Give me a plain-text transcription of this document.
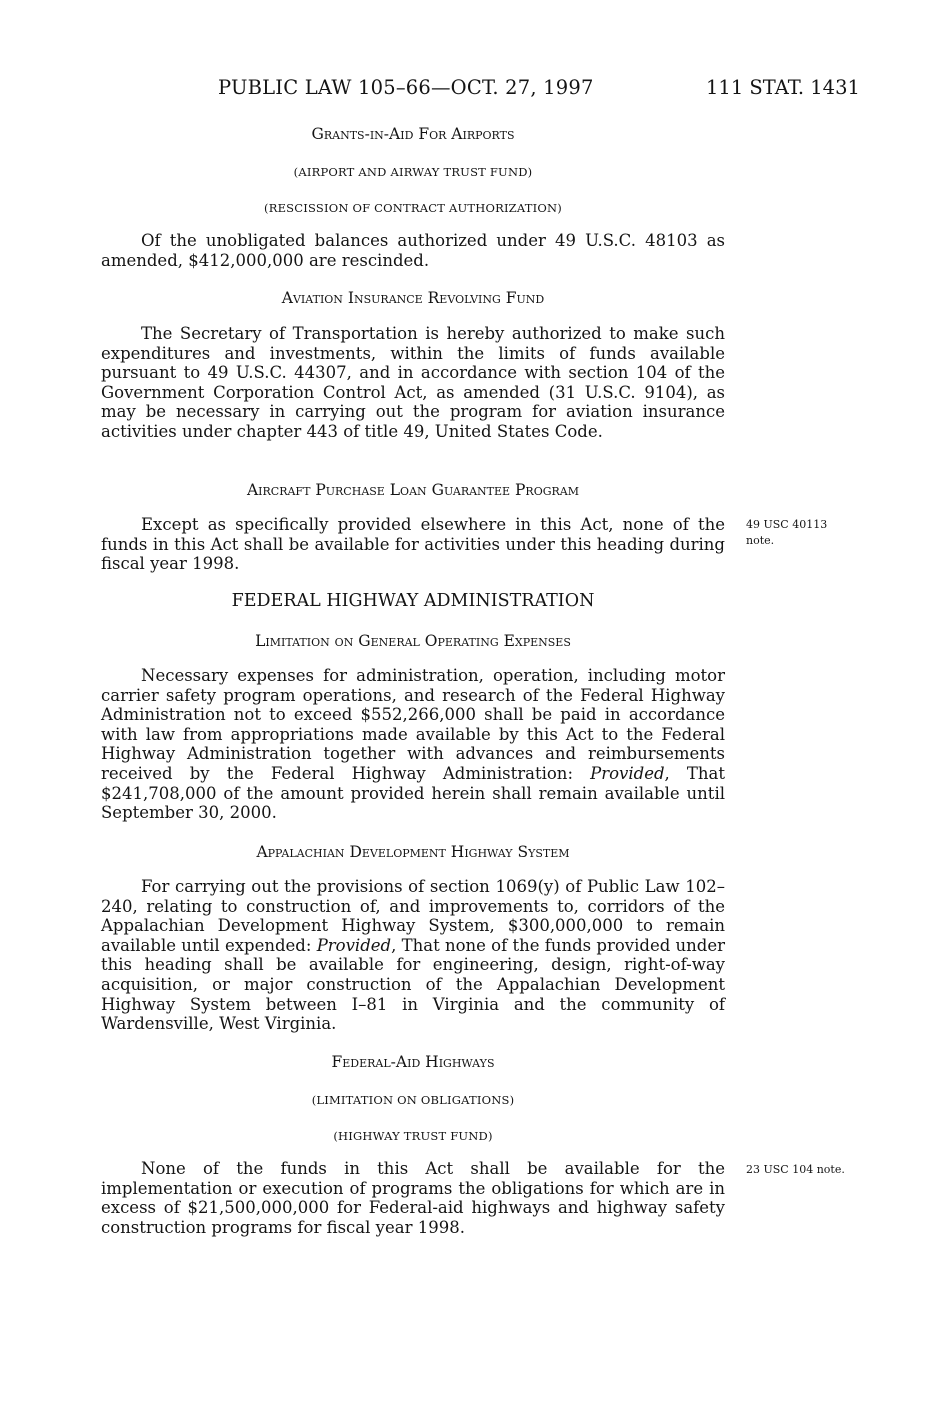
PUBLIC LAW 105–66—OCT. 27, 1997	111 STAT. 1431
Grants-in-Aid For Airports
(AIRPORT AND AIRWAY TRUST FUND)
(RESCISSION OF CONTRACT AUTHORIZATION)

Of the unobligated balances authorized under 49 U.S.C. 48103 as amended, $412,000,000 are rescinded.

Aviation Insurance Revolving Fund

The Secretary of Transportation is hereby authorized to make such expenditures and investments, within the limits of funds available pursuant to 49 U.S.C. 44307, and in accordance with section 104 of the Government Corporation Control Act, as amended (31 U.S.C. 9104), as may be necessary in carrying out the program for aviation insurance activities under chapter 443 of title 49, United States Code.

Aircraft Purchase Loan Guarantee Program

Except as specifically provided elsewhere in this Act, none of the funds in this Act shall be available for activities under this heading during fiscal year 1998.

FEDERAL HIGHWAY ADMINISTRATION
Limitation on General Operating Expenses

Necessary expenses for administration, operation, including motor carrier safety program operations, and research of the Federal Highway Administration not to exceed $552,266,000 shall be paid in accordance with law from appropriations made available by this Act to the Federal Highway Administration together with advances and reimbursements received by the Federal Highway Administration: Provided, That $241,708,000 of the amount provided herein shall remain available until September 30, 2000.

Appalachian Development Highway System

For carrying out the provisions of section 1069(y) of Public Law 102–240, relating to construction of, and improvements to, corridors of the Appalachian Development Highway System, $300,000,000 to remain available until expended: Provided, That none of the funds provided under this heading shall be available for engineering, design, right-of-way acquisition, or major construction of the Appalachian Development Highway System between I–81 in Virginia and the community of Wardensville, West Virginia.

Federal-Aid Highways
(LIMITATION ON OBLIGATIONS)
(HIGHWAY TRUST FUND)

None of the funds in this Act shall be available for the implementation or execution of programs the obligations for which are in excess of $21,500,000,000 for Federal-aid highways and highway safety construction programs for fiscal year 1998.

49 USC 40113
note.
23 USC 104 note.
